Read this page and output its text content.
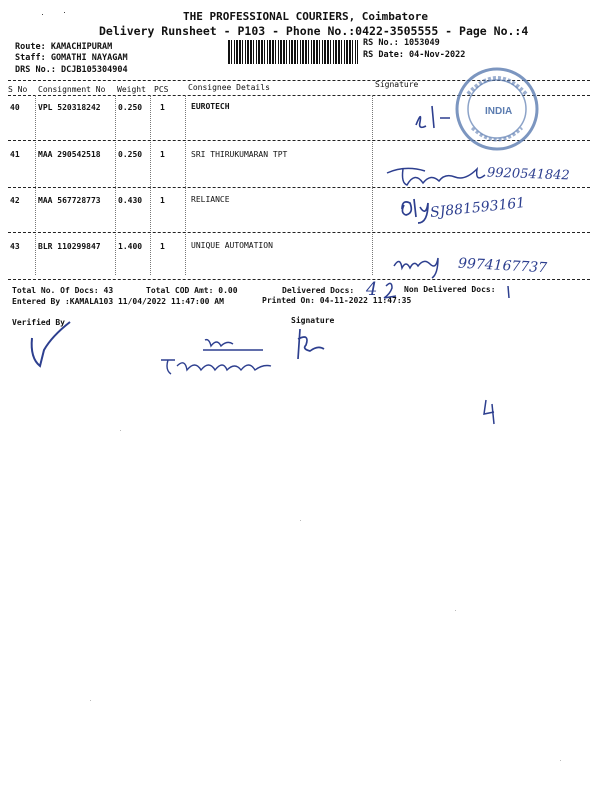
THE PROFESSIONAL COURIERS, Coimbatore
Delivery Runsheet - P103 - Phone No.:0422-3505555 - Page No.:4
Route: KAMACHIPURAM
Staff: GOMATHI NAYAGAM
DRS No.: DCJB105304904
RS No.: 1053049
RS Date: 04-Nov-2022
S No Consignment No Weight PCS Consignee Details	Signature
40 VPL 520318242 0.250 1	EUROTECH
41 MAA 290542518 0.250 1	SRI THIRUKUMARAN TPT
42 MAA 567728773 0.430 1	RELIANCE
43 BLR 110299847 1.400 1	UNIQUE AUTOMATION
Total No. Of Docs: 43	Total COD Amt: 0.00	Delivered Docs:	Non Delivered Docs:
Entered By :KAMALA103 11/04/2022 11:47:00 AM	Printed On: 04-11-2022 11:47:35
Verified By	Signature
INDIA
9920541842
SJ881593161
9974167737
4
